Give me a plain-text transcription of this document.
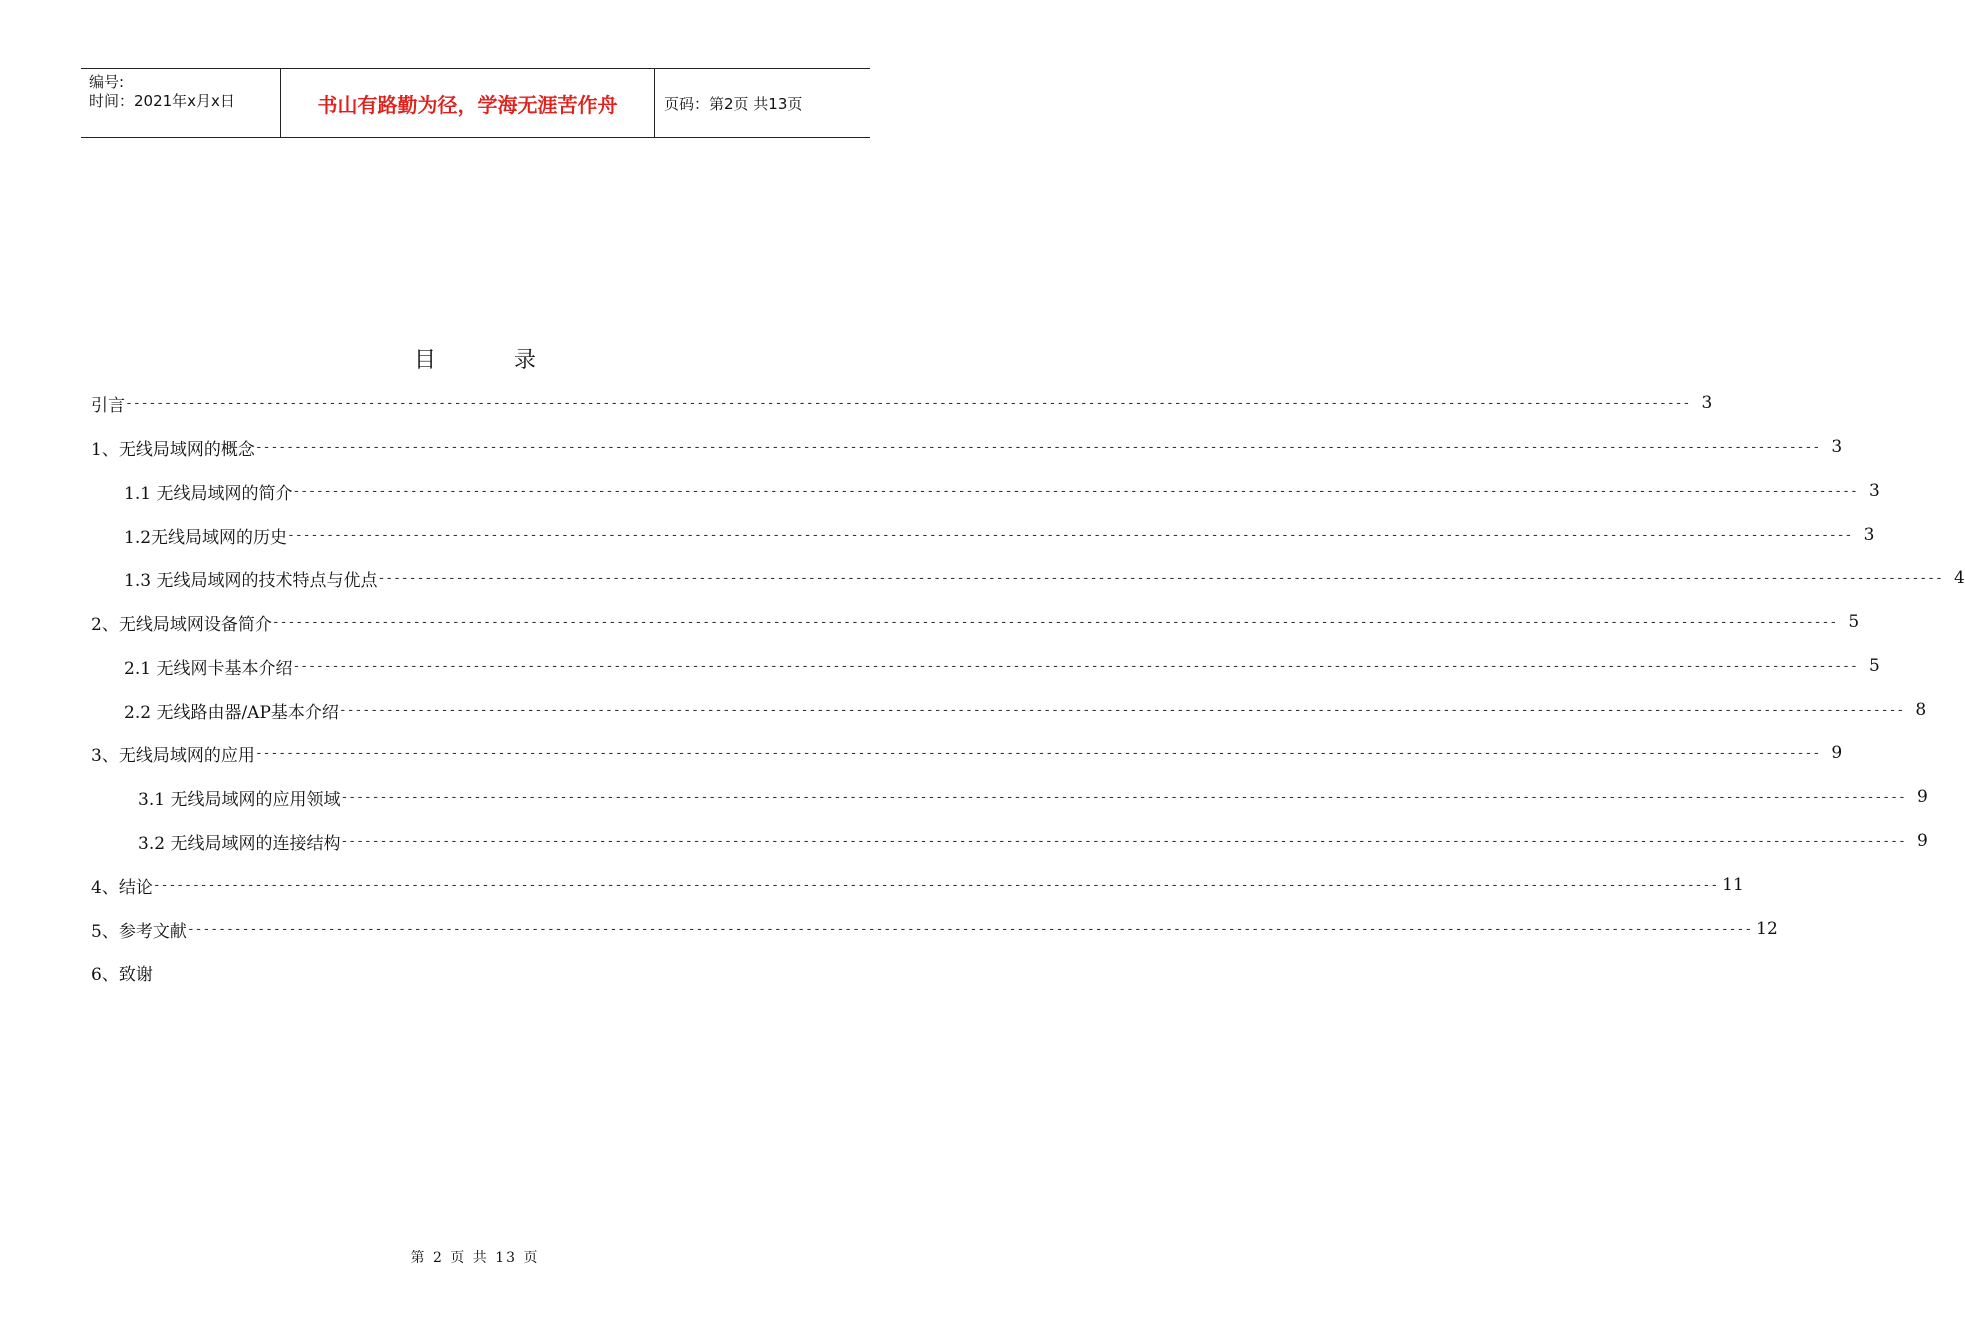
编号:
时间：2021年x月x日	书山有路勤为径，学海无涯苦作舟	页码：第2页 共13页
目录
引言 -------------------------------------------------------------------------------------------------------------------------------------------------------------------------------------------------------- 3
1、无线局域网的概念 -------------------------------------------------------------------------------------------------------------------------------------------------------------------------------------------------------- 3
1.1 无线局域网的简介 -------------------------------------------------------------------------------------------------------------------------------------------------------------------------------------------------------- 3
1.2无线局域网的历史 -------------------------------------------------------------------------------------------------------------------------------------------------------------------------------------------------------- 3
1.3 无线局域网的技术特点与优点 -------------------------------------------------------------------------------------------------------------------------------------------------------------------------------------------------------- 4
2、无线局域网设备简介 -------------------------------------------------------------------------------------------------------------------------------------------------------------------------------------------------------- 5
2.1 无线网卡基本介绍 -------------------------------------------------------------------------------------------------------------------------------------------------------------------------------------------------------- 5
2.2 无线路由器/AP基本介绍 -------------------------------------------------------------------------------------------------------------------------------------------------------------------------------------------------------- 8
3、无线局域网的应用 -------------------------------------------------------------------------------------------------------------------------------------------------------------------------------------------------------- 9
3.1 无线局域网的应用领域 -------------------------------------------------------------------------------------------------------------------------------------------------------------------------------------------------------- 9
3.2 无线局域网的连接结构 -------------------------------------------------------------------------------------------------------------------------------------------------------------------------------------------------------- 9
4、结论 -------------------------------------------------------------------------------------------------------------------------------------------------------------------------------------------------------- 11
5、参考文献 -------------------------------------------------------------------------------------------------------------------------------------------------------------------------------------------------------- 12
6、致谢
第 2 页 共 13 页
